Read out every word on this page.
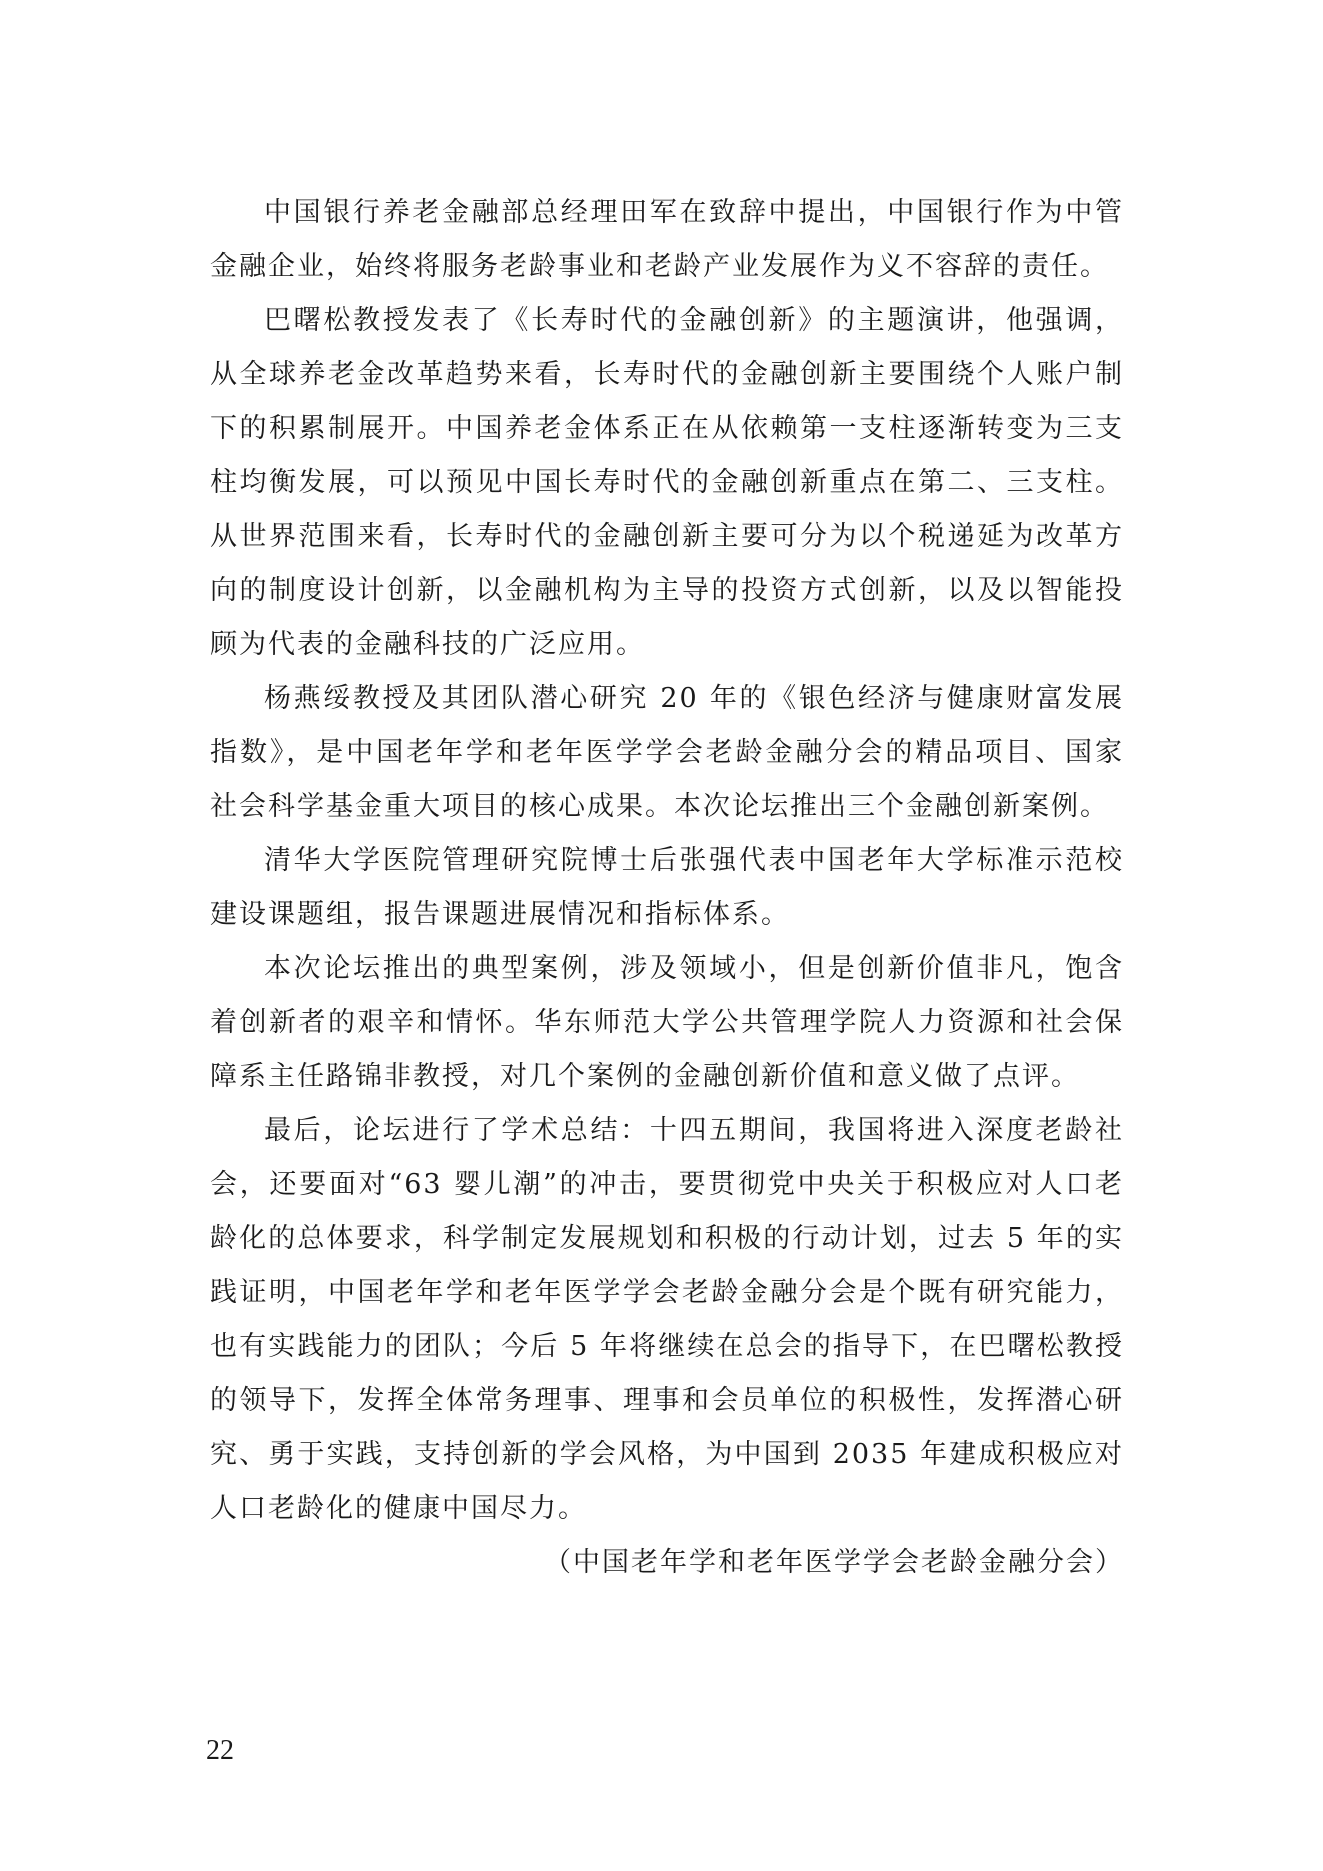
中国银行养老金融部总经理田军在致辞中提出，中国银行作为中管金融企业，始终将服务老龄事业和老龄产业发展作为义不容辞的责任。

巴曙松教授发表了《长寿时代的金融创新》的主题演讲，他强调，从全球养老金改革趋势来看，长寿时代的金融创新主要围绕个人账户制下的积累制展开。中国养老金体系正在从依赖第一支柱逐渐转变为三支柱均衡发展，可以预见中国长寿时代的金融创新重点在第二、三支柱。从世界范围来看，长寿时代的金融创新主要可分为以个税递延为改革方向的制度设计创新，以金融机构为主导的投资方式创新，以及以智能投顾为代表的金融科技的广泛应用。

杨燕绥教授及其团队潜心研究 20 年的《银色经济与健康财富发展指数》，是中国老年学和老年医学学会老龄金融分会的精品项目、国家社会科学基金重大项目的核心成果。本次论坛推出三个金融创新案例。

清华大学医院管理研究院博士后张强代表中国老年大学标准示范校建设课题组，报告课题进展情况和指标体系。

本次论坛推出的典型案例，涉及领域小，但是创新价值非凡，饱含着创新者的艰辛和情怀。华东师范大学公共管理学院人力资源和社会保障系主任路锦非教授，对几个案例的金融创新价值和意义做了点评。

最后，论坛进行了学术总结：十四五期间，我国将进入深度老龄社会，还要面对“63 婴儿潮”的冲击，要贯彻党中央关于积极应对人口老龄化的总体要求，科学制定发展规划和积极的行动计划，过去 5 年的实践证明，中国老年学和老年医学学会老龄金融分会是个既有研究能力，也有实践能力的团队；今后 5 年将继续在总会的指导下，在巴曙松教授的领导下，发挥全体常务理事、理事和会员单位的积极性，发挥潜心研究、勇于实践，支持创新的学会风格，为中国到 2035 年建成积极应对人口老龄化的健康中国尽力。

（中国老年学和老年医学学会老龄金融分会）

22
